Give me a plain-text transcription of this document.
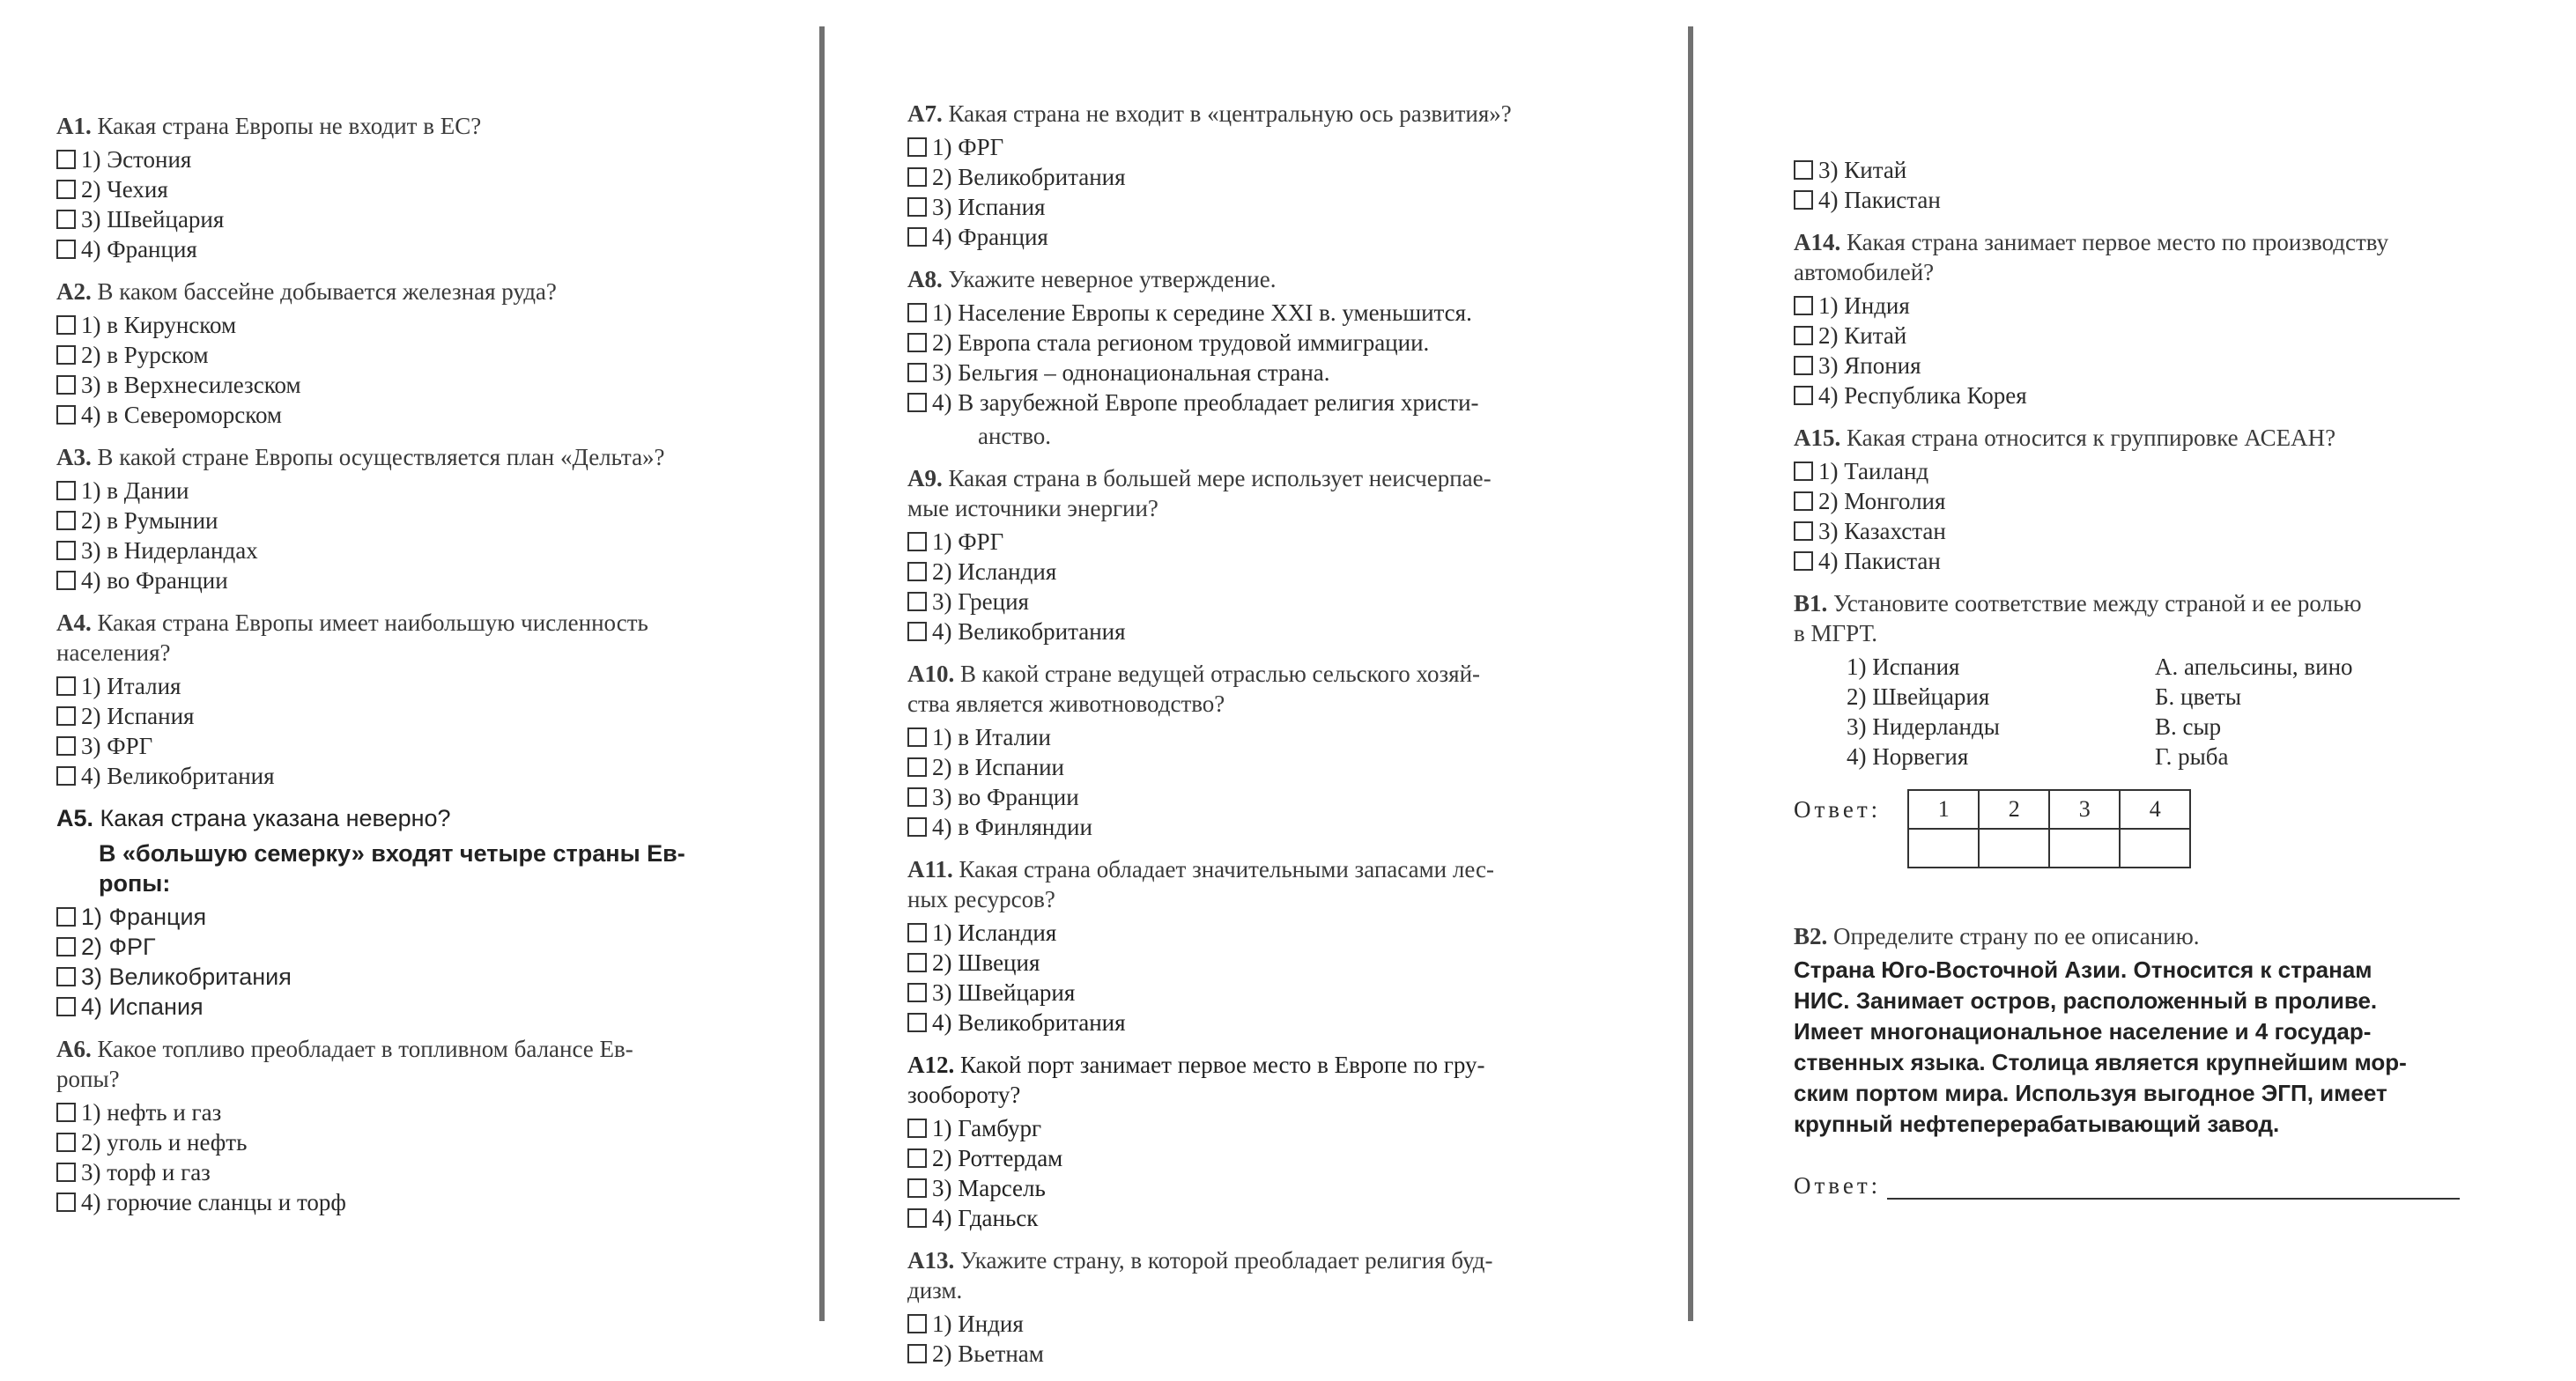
А1. Какая страна Европы не входит в ЕС?
1) Эстония
2) Чехия
3) Швейцария
4) Франция
А2. В каком бассейне добывается железная руда?
1) в Кирунском
2) в Рурском
3) в Верхнесилезском
4) в Североморском
А3. В какой стране Европы осуществляется план «Дельта»?
1) в Дании
2) в Румынии
3) в Нидерландах
4) во Франции
А4. Какая страна Европы имеет наибольшую численность
населения?
1) Италия
2) Испания
3) ФРГ
4) Великобритания
А5. Какая страна указана неверно?
В «большую семерку» входят четыре страны Ев-
ропы:
1) Франция
2) ФРГ
3) Великобритания
4) Испания
А6. Какое топливо преобладает в топливном балансе Ев-
ропы?
1) нефть и газ
2) уголь и нефть
3) торф и газ
4) горючие сланцы и торф
А7. Какая страна не входит в «центральную ось развития»?
1) ФРГ
2) Великобритания
3) Испания
4) Франция
А8. Укажите неверное утверждение.
1) Население Европы к середине XXI в. уменьшится.
2) Европа стала регионом трудовой иммиграции.
3) Бельгия – однонациональная страна.
4) В зарубежной Европе преобладает религия христи-
анство.
А9. Какая страна в большей мере использует неисчерпае-
мые источники энергии?
1) ФРГ
2) Исландия
3) Греция
4) Великобритания
А10. В какой стране ведущей отраслью сельского хозяй-
ства является животноводство?
1) в Италии
2) в Испании
3) во Франции
4) в Финляндии
А11. Какая страна обладает значительными запасами лес-
ных ресурсов?
1) Исландия
2) Швеция
3) Швейцария
4) Великобритания
А12. Какой порт занимает первое место в Европе по гру-
зообороту?
1) Гамбург
2) Роттердам
3) Марсель
4) Гданьск
А13. Укажите страну, в которой преобладает религия буд-
дизм.
1) Индия
2) Вьетнам
3) Китай
4) Пакистан
А14. Какая страна занимает первое место по производству
автомобилей?
1) Индия
2) Китай
3) Япония
4) Республика Корея
А15. Какая страна относится к группировке АСЕАН?
1) Таиланд
2) Монголия
3) Казахстан
4) Пакистан
В1. Установите соответствие между страной и ее ролью
в МГРТ.
1) Испания	А. апельсины, вино
2) Швейцария	Б. цветы
3) Нидерланды	В. сыр
4) Норвегия	Г. рыба
Ответ: 1	2	3	4

В2. Определите страну по ее описанию.
Страна Юго-Восточной Азии. Относится к странам
НИС. Занимает остров, расположенный в проливе.
Имеет многонациональное население и 4 государ-
ственных языка. Столица является крупнейшим мор-
ским портом мира. Используя выгодное ЭГП, имеет
крупный нефтеперерабатывающий завод.
Ответ:
